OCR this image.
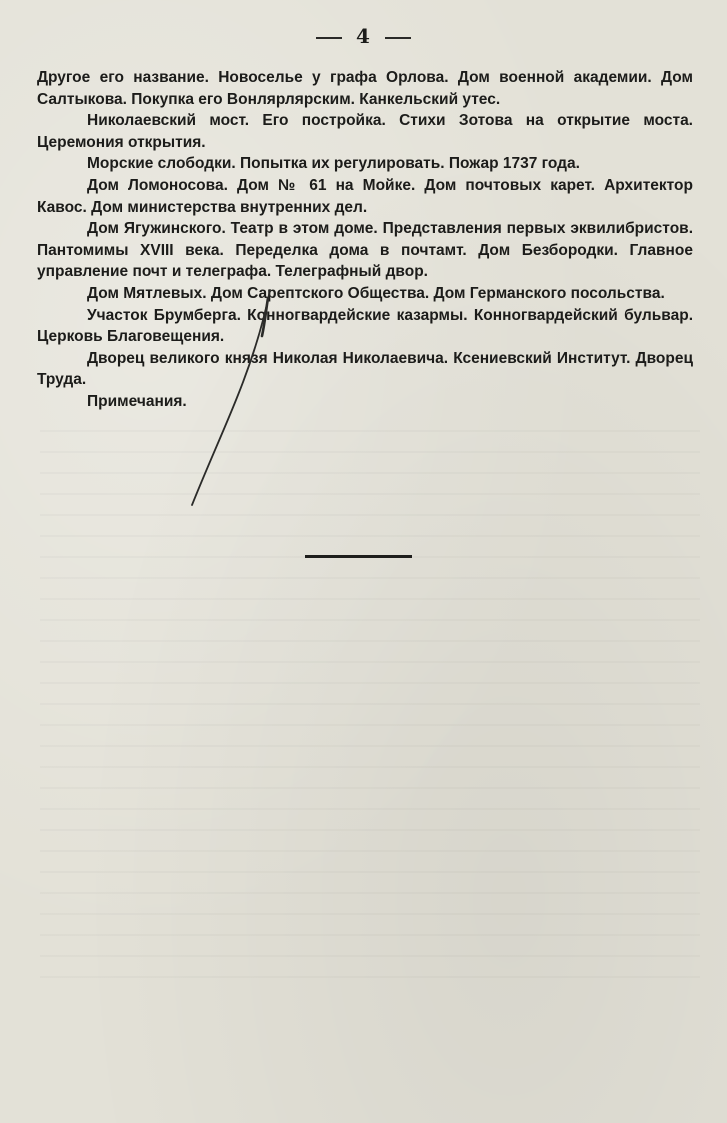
4

Другое его название. Новоселье у графа Орлова. Дом военной академии. Дом Салтыкова. Покупка его Вонлярлярским. Канкельский утес.

Николаевский мост. Его постройка. Стихи Зотова на открытие моста. Церемония открытия.

Морские слободки. Попытка их регулировать. Пожар 1737 года.

Дом Ломоносова. Дом № 61 на Мойке. Дом почтовых карет. Архитектор Кавос. Дом министерства внутренних дел.

Дом Ягужинского. Театр в этом доме. Представления первых эквилибристов. Пантомимы XVIII века. Переделка дома в почтамт. Дом Безбородки. Главное управление почт и телеграфа. Телеграфный двор.

Дом Мятлевых. Дом Сарептского Общества. Дом Германского посольства.

Участок Брумберга. Конногвардейские казармы. Конногвардейский бульвар. Церковь Благовещения.

Дворец великого князя Николая Николаевича. Ксениевский Институт. Дворец Труда.

Примечания.
